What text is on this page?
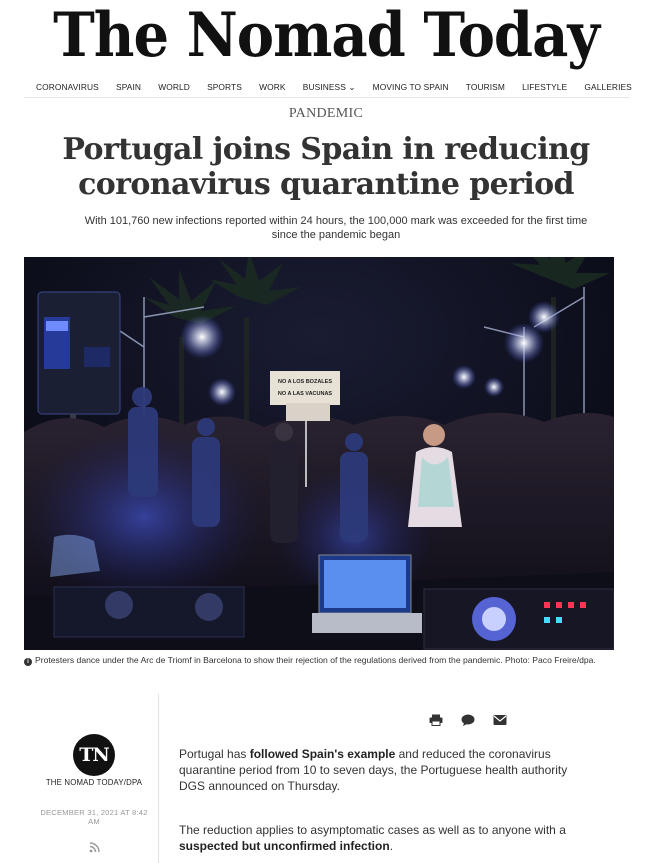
The Nomad Today
CORONAVIRUS SPAIN WORLD SPORTS WORK BUSINESS ⌄ MOVING TO SPAIN TOURISM LIFESTYLE GALLERIES
PANDEMIC
Portugal joins Spain in reducing
coronavirus quarantine period
With 101,760 new infections reported within 24 hours, the 100,000 mark was exceeded for the first time since the pandemic began
NO A LOS BOZALES
NO A LAS VACUNAS
i Protesters dance under the Arc de Triomf in Barcelona to show their rejection of the regulations derived from the pandemic. Photo: Paco Freire/dpa.
TN
THE NOMAD TODAY/DPA
DECEMBER 31, 2021 AT 8:42 AM

Portugal has followed Spain's example and reduced the coronavirus quarantine period from 10 to seven days, the Portuguese health authority DGS announced on Thursday.

The reduction applies to asymptomatic cases as well as to anyone with a suspected but unconfirmed infection.
